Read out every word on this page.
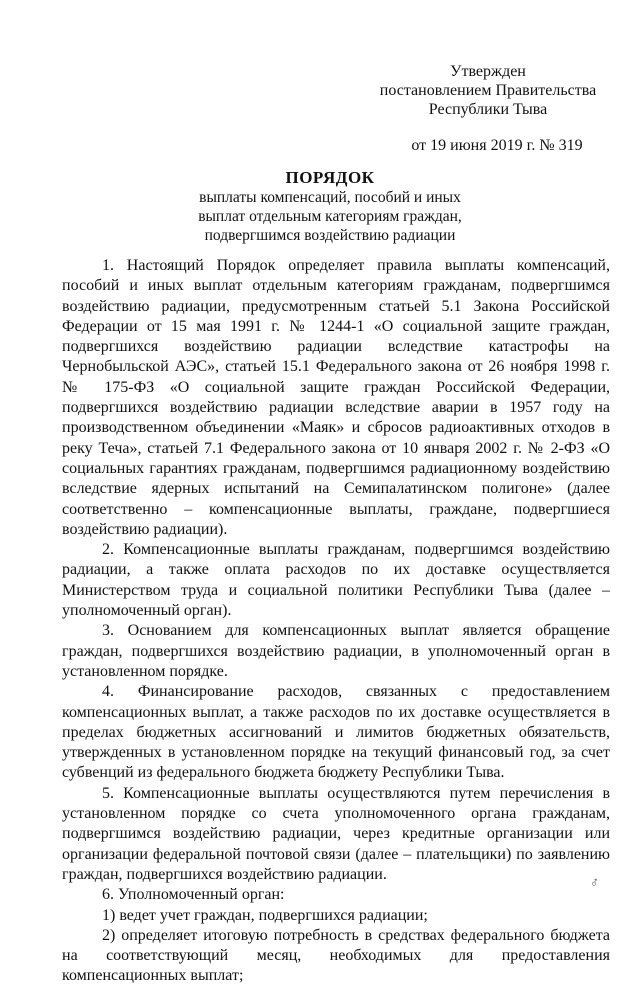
Утвержден
постановлением Правительства
Республики Тыва
от 19 июня 2019 г. № 319
ПОРЯДОК
выплаты компенсаций, пособий и иных
выплат отдельным категориям граждан,
подвергшимся воздействию радиации

1. Настоящий Порядок определяет правила выплаты компенсаций, пособий и иных выплат отдельным категориям гражданам, подвергшимся воздействию радиации, предусмотренным статьей 5.1 Закона Российской Федерации от 15 мая 1991 г. № 1244-1 «О социальной защите граждан, подвергшихся воздействию радиации вследствие катастрофы на Чернобыльской АЭС», статьей 15.1 Федерального закона от 26 ноября 1998 г. № 175-ФЗ «О социальной защите граждан Российской Федерации, подвергшихся воздействию радиации вследствие аварии в 1957 году на производственном объединении «Маяк» и сбросов радиоактивных отходов в реку Теча», статьей 7.1 Федерального закона от 10 января 2002 г. № 2-ФЗ «О социальных гарантиях гражданам, подвергшимся радиационному воздействию вследствие ядерных испытаний на Семипалатинском полигоне» (далее соответственно – компенсационные выплаты, граждане, подвергшиеся воздействию радиации).

2. Компенсационные выплаты гражданам, подвергшимся воздействию радиации, а также оплата расходов по их доставке осуществляется Министерством труда и социальной политики Республики Тыва (далее – уполномоченный орган).

3. Основанием для компенсационных выплат является обращение граждан, подвергшихся воздействию радиации, в уполномоченный орган в установленном порядке.

4. Финансирование расходов, связанных с предоставлением компенсационных выплат, а также расходов по их доставке осуществляется в пределах бюджетных ассигнований и лимитов бюджетных обязательств, утвержденных в установленном порядке на текущий финансовый год, за счет субвенций из федерального бюджета бюджету Республики Тыва.

5. Компенсационные выплаты осуществляются путем перечисления в установленном порядке со счета уполномоченного органа гражданам, подвергшимся воздействию радиации, через кредитные организации или организации федеральной почтовой связи (далее – плательщики) по заявлению граждан, подвергшихся воздействию радиации.

6. Уполномоченный орган:

1) ведет учет граждан, подвергшихся радиации;

2) определяет итоговую потребность в средствах федерального бюджета на соответствующий месяц, необходимых для предоставления компенсационных выплат;

♂
